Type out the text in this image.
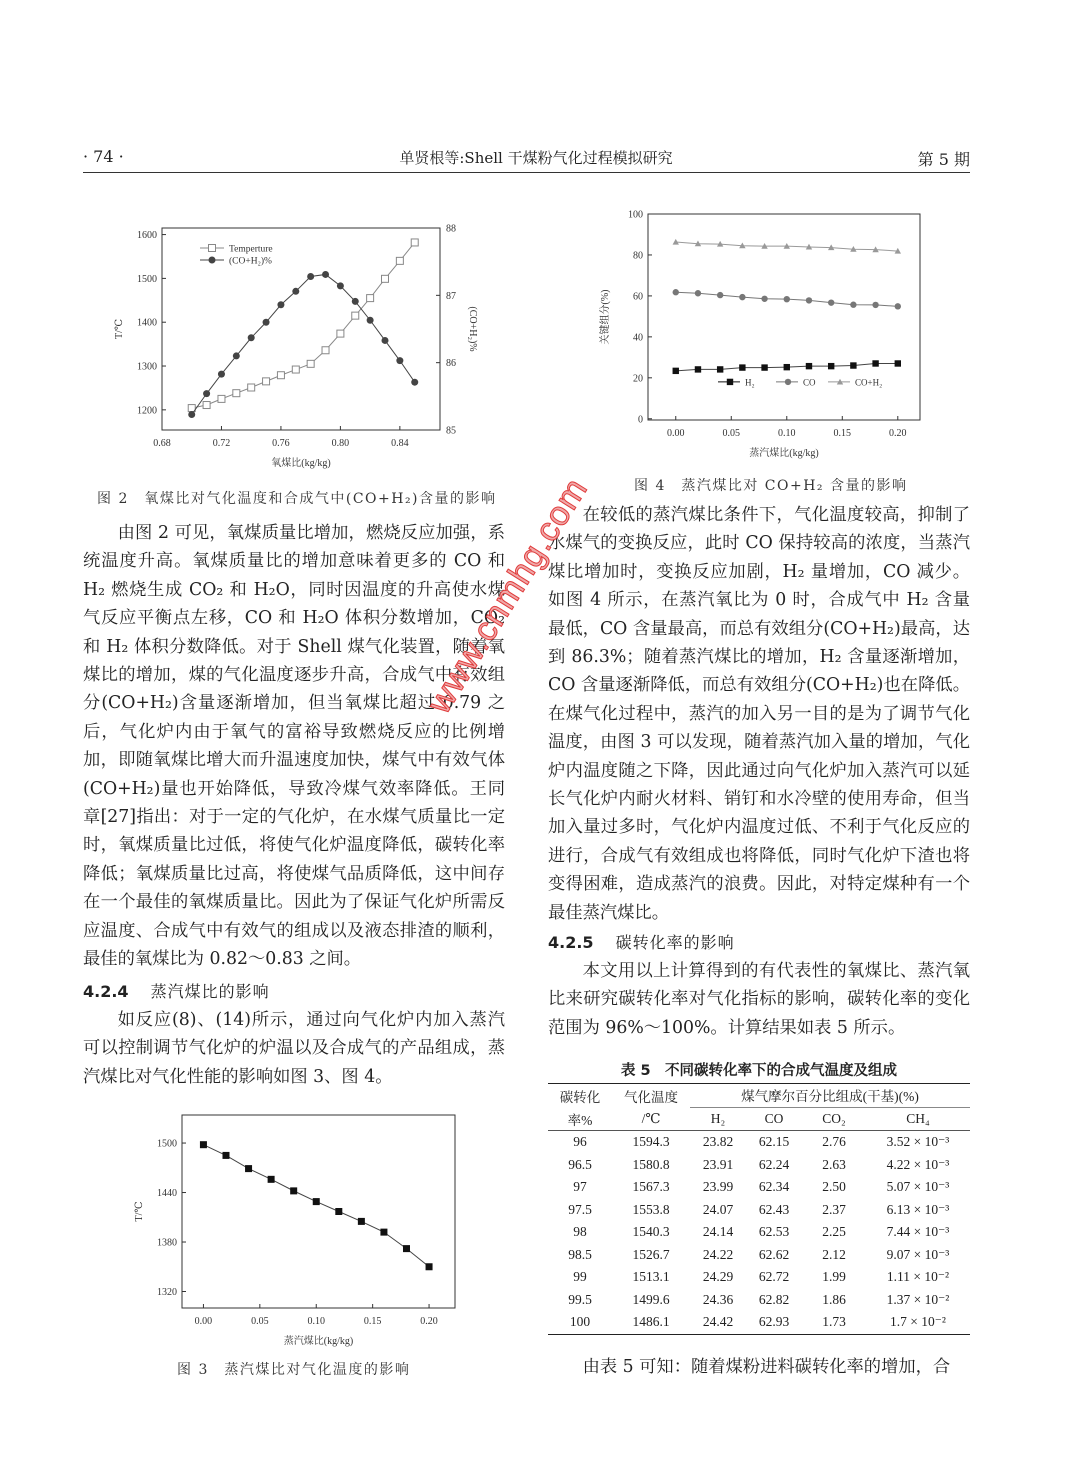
· 74 ·	单贤根等:Shell 干煤粉气化过程模拟研究	第 5 期
0.68	0.72	0.76	0.80	0.84
1200
1300
1400
1500
1600
85
86
87
88
氧煤比(kg/kg)
T/℃	(CO+H₂)%
Temperture
(CO+H₂)%
图 2　氧煤比对气化温度和合成气中(CO+H₂)含量的影响

由图 2 可见，氧煤质量比增加，燃烧反应加强，系统温度升高。氧煤质量比的增加意味着更多的 CO 和 H₂ 燃烧生成 CO₂ 和 H₂O，同时因温度的升高使水煤气反应平衡点左移，CO 和 H₂O 体积分数增加，CO₂ 和 H₂ 体积分数降低。对于 Shell 煤气化装置，随着氧煤比的增加，煤的气化温度逐步升高，合成气中有效组分(CO+H₂)含量逐渐增加，但当氧煤比超过 0.79 之后，气化炉内由于氧气的富裕导致燃烧反应的比例增加，即随氧煤比增大而升温速度加快，煤气中有效气体(CO+H₂)量也开始降低，导致冷煤气效率降低。王同章[27]指出：对于一定的气化炉，在水煤气质量比一定时，氧煤质量比过低，将使气化炉温度降低，碳转化率降低；氧煤质量比过高，将使煤气品质降低，这中间存在一个最佳的氧煤质量比。因此为了保证气化炉所需反应温度、合成气中有效气的组成以及液态排渣的顺利，最佳的氧煤比为 0.82～0.83 之间。

4.2.4 蒸汽煤比的影响

如反应(8)、(14)所示，通过向气化炉内加入蒸汽可以控制调节气化炉的炉温以及合成气的产品组成，蒸汽煤比对气化性能的影响如图 3、图 4。

0.00	0.05	0.10	0.15	0.20
1320
1380
1440
1500
蒸汽煤比(kg/kg)
T/℃
图 3　蒸汽煤比对气化温度的影响
0.00	0.05	0.10	0.15	0.20
0
20
40
60
80
100
蒸汽煤比(kg/kg)
关键组分(%)
H₂	CO	CO+H₂
图 4　蒸汽煤比对 CO+H₂ 含量的影响

在较低的蒸汽煤比条件下，气化温度较高，抑制了水煤气的变换反应，此时 CO 保持较高的浓度，当蒸汽煤比增加时，变换反应加剧，H₂ 量增加，CO 减少。如图 4 所示，在蒸汽氧比为 0 时，合成气中 H₂ 含量最低，CO 含量最高，而总有效组分(CO+H₂)最高，达到 86.3%；随着蒸汽煤比的增加，H₂ 含量逐渐增加，CO 含量逐渐降低，而总有效组分(CO+H₂)也在降低。在煤气化过程中，蒸汽的加入另一目的是为了调节气化温度，由图 3 可以发现，随着蒸汽加入量的增加，气化炉内温度随之下降，因此通过向气化炉加入蒸汽可以延长气化炉内耐火材料、销钉和水冷壁的使用寿命，但当加入量过多时，气化炉内温度过低、不利于气化反应的进行，合成气有效组成也将降低，同时气化炉下渣也将变得困难，造成蒸汽的浪费。因此，对特定煤种有一个最佳蒸汽煤比。

4.2.5 碳转化率的影响

本文用以上计算得到的有代表性的氧煤比、蒸汽氧比来研究碳转化率对气化指标的影响，碳转化率的变化范围为 96%～100%。计算结果如表 5 所示。

表 5　不同碳转化率下的合成气温度及组成
碳转化	气化温度	煤气摩尔百分比组成(干基)(%)			
率%	/℃	H₂	CO	CO₂	CH₄
96	1594.3	23.82	62.15	2.76	3.52 × 10⁻³
96.5	1580.8	23.91	62.24	2.63	4.22 × 10⁻³
97	1567.3	23.99	62.34	2.50	5.07 × 10⁻³
97.5	1553.8	24.07	62.43	2.37	6.13 × 10⁻³
98	1540.3	24.14	62.53	2.25	7.44 × 10⁻³
98.5	1526.7	24.22	62.62	2.12	9.07 × 10⁻³
99	1513.1	24.29	62.72	1.99	1.11 × 10⁻²
99.5	1499.6	24.36	62.82	1.86	1.37 × 10⁻²
100	1486.1	24.42	62.93	1.73	1.7 × 10⁻²

由表 5 可知：随着煤粉进料碳转化率的增加，合

www.cnmhg.com
